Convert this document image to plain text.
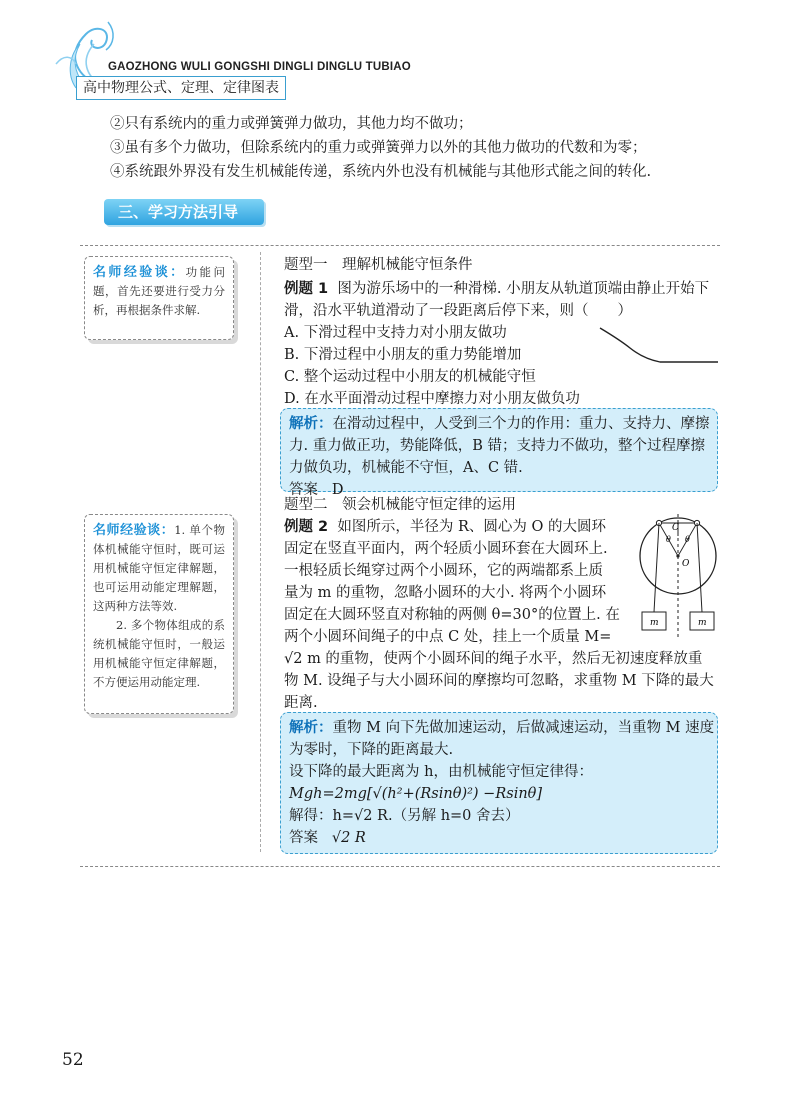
GAOZHONG WULI GONGSHI DINGLI DINGLU TUBIAO
高中物理公式、定理、定律图表
②只有系统内的重力或弹簧弹力做功，其他力均不做功；
③虽有多个力做功，但除系统内的重力或弹簧弹力以外的其他力做功的代数和为零；
④系统跟外界没有发生机械能传递，系统内外也没有机械能与其他形式能之间的转化.
三、学习方法引导
名师经验谈：功能问题，首先还要进行受力分析，再根据条件求解.
名师经验谈：1. 单个物体机械能守恒时，既可运用机械能守恒定律解题，也可运用动能定理解题，这两种方法等效.
2. 多个物体组成的系统机械能守恒时，一般运用机械能守恒定律解题，不方便运用动能定理.
题型一　理解机械能守恒条件
例题 1 图为游乐场中的一种滑梯. 小朋友从轨道顶端由静止开始下
滑，沿水平轨道滑动了一段距离后停下来，则（　　）
A. 下滑过程中支持力对小朋友做功
B. 下滑过程中小朋友的重力势能增加
C. 整个运动过程中小朋友的机械能守恒
D. 在水平面滑动过程中摩擦力对小朋友做负功
解析：在滑动过程中，人受到三个力的作用：重力、支持力、摩擦
力. 重力做正功，势能降低，B 错；支持力不做功，整个过程摩擦
力做负功，机械能不守恒，A、C 错.
答案 D
题型二　领会机械能守恒定律的运用
例题 2 如图所示，半径为 R、圆心为 O 的大圆环
固定在竖直平面内，两个轻质小圆环套在大圆环上.
一根轻质长绳穿过两个小圆环，它的两端都系上质
量为 m 的重物，忽略小圆环的大小. 将两个小圆环
固定在大圆环竖直对称轴的两侧 θ=30°的位置上. 在
两个小圆环间绳子的中点 C 处，挂上一个质量 M=
√2 m 的重物，使两个小圆环间的绳子水平，然后无初速度释放重
物 M. 设绳子与大小圆环间的摩擦均可忽略，求重物 M 下降的最大
距离.
C
O
θ θ
m	m
解析：重物 M 向下先做加速运动，后做减速运动，当重物 M 速度
为零时，下降的距离最大.
设下降的最大距离为 h，由机械能守恒定律得：
Mgh=2mg[√(h²+(Rsinθ)²) −Rsinθ]
解得：h=√2 R.（另解 h=0 舍去）
答案 √2 R
52
